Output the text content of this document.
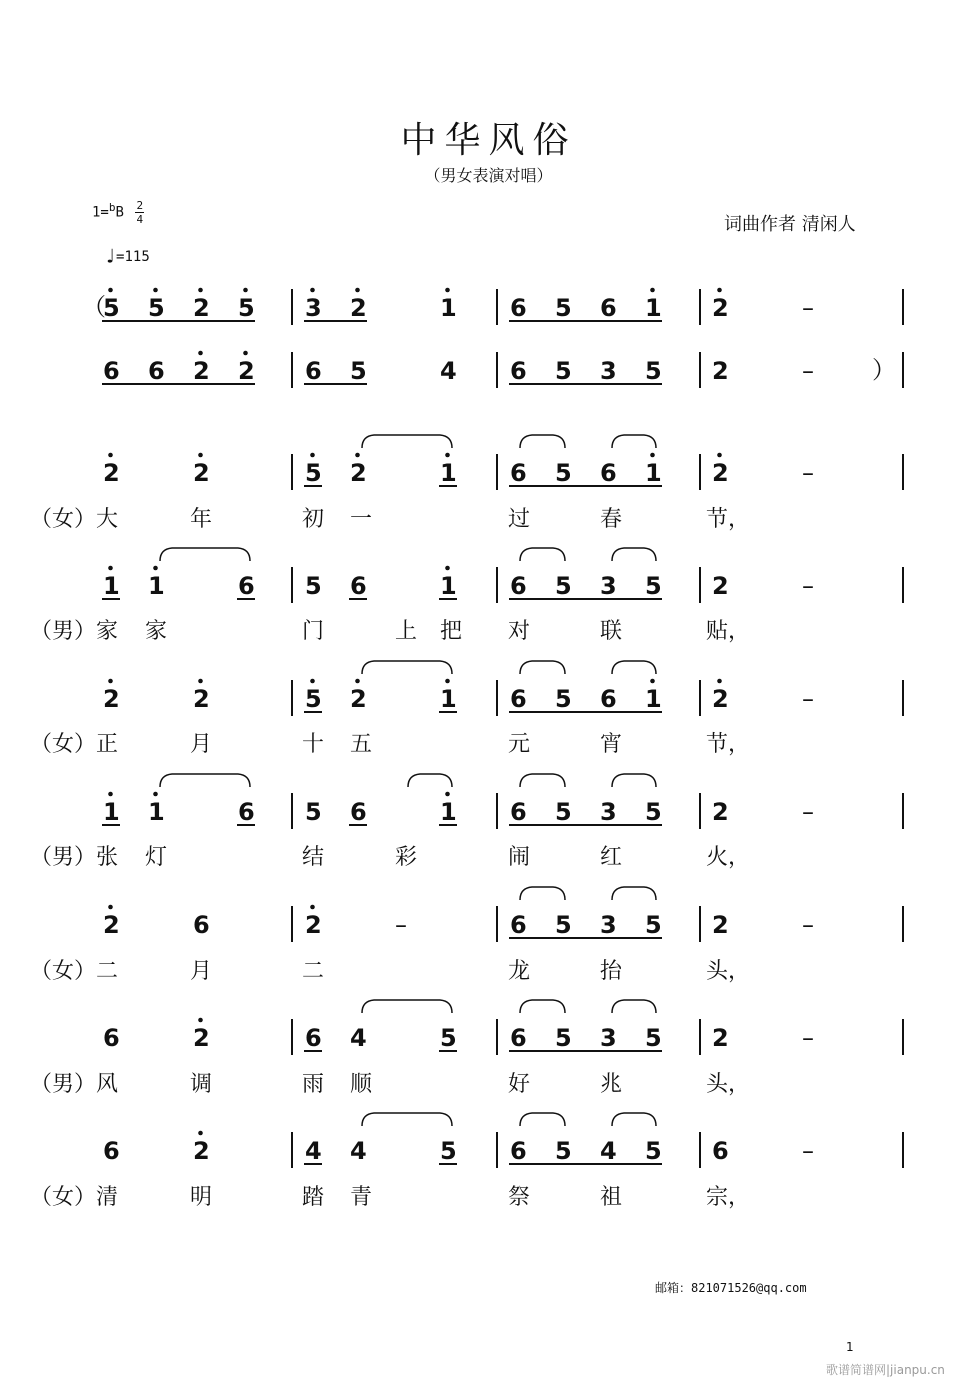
中华风俗
（男女表演对唱）
词曲作者 清闲人
$1=^bB \frac{2}{4}$
♩=115
5 5 2 5 3 2	1 6 5 6 1 2	–
6 6 2 2 6 5	4 6 5 3 5 2	–
2	2	5 2	1 6 5 6 1 2	–
（女）大	年	初 一	过	春	节，
1 1	6 5 6	1 6 5 3 5 2	–
（男）家 家	门	上 把 对	联	贴，
2	2	5 2	1 6 5 6 1 2	–
（女）正	月	十 五	元	宵	节，
1 1	6 5 6	1 6 5 3 5 2	–
（男）张 灯	结	彩	闹	红	火，
2	6	2	–	6 5 3 5 2	–
（女）二	月	二	龙	抬	头，
6	2	6 4	5 6 5 3 5 2	–
（男）风	调	雨 顺	好	兆	头，
6	2	4 4	5 6 5 4 5 6	–
（女）清	明	踏 青	祭	祖	宗，
（
）
邮箱：821071526@qq.com
1
歌谱简谱网|jianpu.cn
